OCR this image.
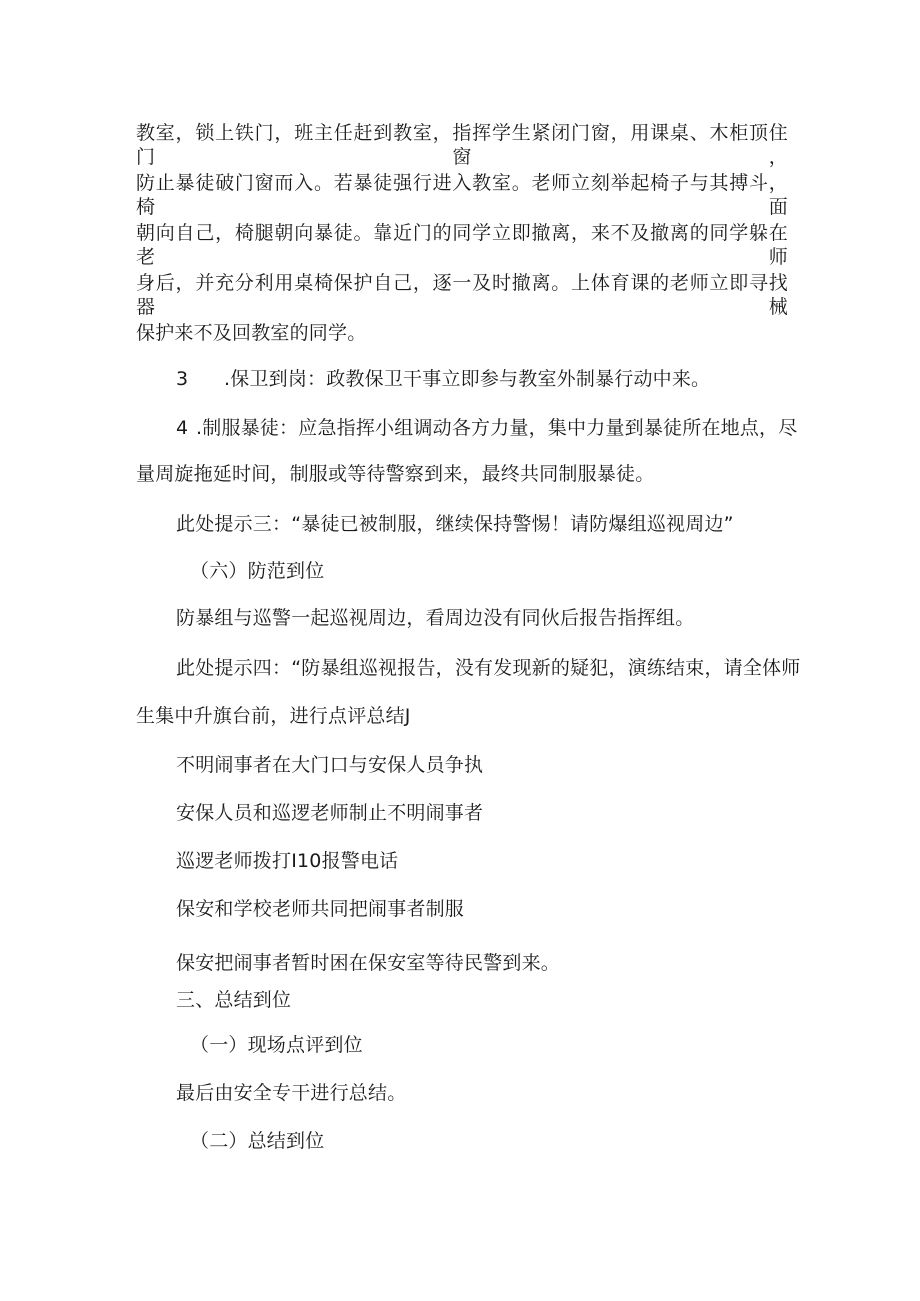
教室，锁上铁门，班主任赶到教室，指挥学生紧闭门窗，用课桌、木柜顶住门窗，
防止暴徒破门窗而入。若暴徒强行进入教室。老师立刻举起椅子与其搏斗，椅面
朝向自己，椅腿朝向暴徒。靠近门的同学立即撤离，来不及撤离的同学躲在老师
身后，并充分利用桌椅保护自己，逐一及时撤离。上体育课的老师立即寻找器械
保护来不及回教室的同学。
3 .保卫到岗：政教保卫干事立即参与教室外制暴行动中来。
4 .制服暴徒：应急指挥小组调动各方力量，集中力量到暴徒所在地点，尽
量周旋拖延时间，制服或等待警察到来，最终共同制服暴徒。
此处提示三：“暴徒已被制服，继续保持警惕！请防爆组巡视周边”
（六）防范到位
防暴组与巡警一起巡视周边，看周边没有同伙后报告指挥组。
此处提示四：“防暴组巡视报告，没有发现新的疑犯，演练结束，请全体师
生集中升旗台前，进行点评总结J
不明闹事者在大门口与安保人员争执
安保人员和巡逻老师制止不明闹事者
巡逻老师拨打I10报警电话
保安和学校老师共同把闹事者制服
保安把闹事者暂时困在保安室等待民警到来。
三、总结到位
（一）现场点评到位
最后由安全专干进行总结。
（二）总结到位
